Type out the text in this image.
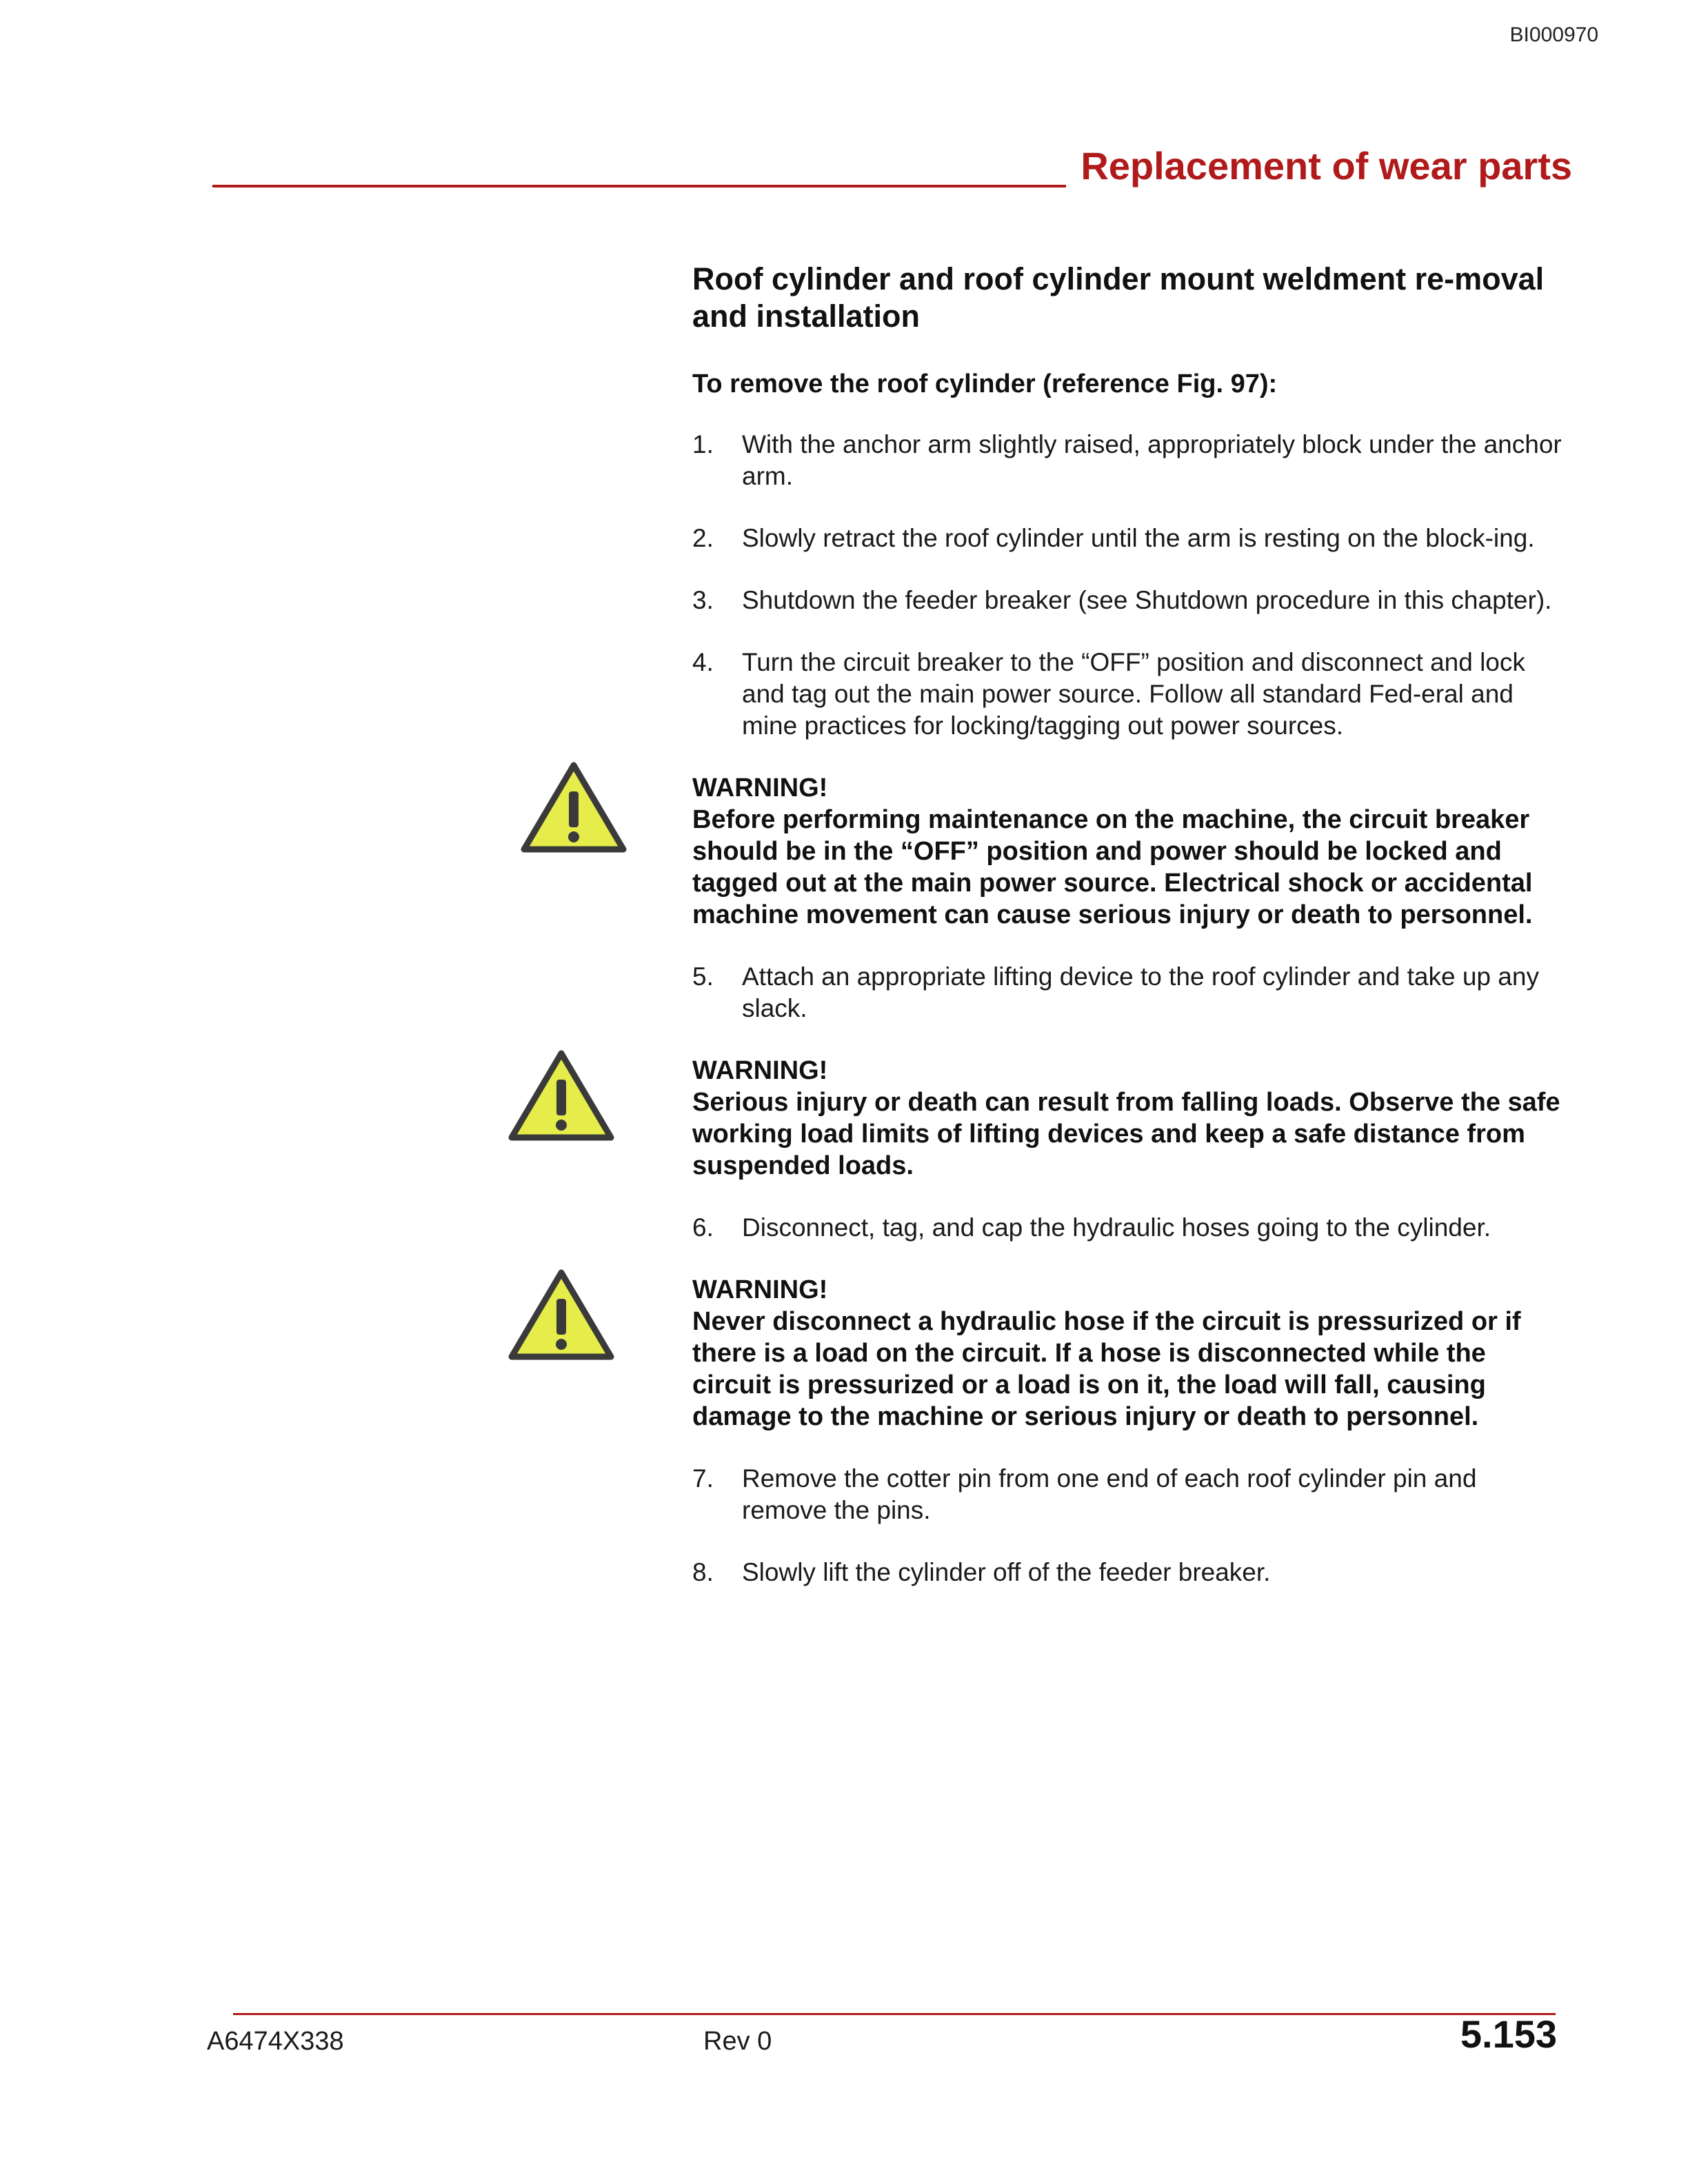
BI000970
Replacement of wear parts
Roof cylinder and roof cylinder mount weldment re-moval and installation
To remove the roof cylinder (reference Fig. 97):
1.	With the anchor arm slightly raised, appropriately block under the anchor arm.
2.	Slowly retract the roof cylinder until the arm is resting on the block-ing.
3.	Shutdown the feeder breaker (see Shutdown procedure in this chapter).
4.	Turn the circuit breaker to the “OFF” position and disconnect and lock and tag out the main power source. Follow all standard Fed-eral and mine practices for locking/tagging out power sources.
WARNING!
Before performing maintenance on the machine, the circuit breaker should be in the “OFF” position and power should be locked and tagged out at the main power source. Electrical shock or accidental machine movement can cause serious injury or death to personnel.
5.	Attach an appropriate lifting device to the roof cylinder and take up any slack.
WARNING!
Serious injury or death can result from falling loads. Observe the safe working load limits of lifting devices and keep a safe distance from suspended loads.
6.	Disconnect, tag, and cap the hydraulic hoses going to the cylinder.
WARNING!
Never disconnect a hydraulic hose if the circuit is pressurized or if there is a load on the circuit. If a hose is disconnected while the circuit is pressurized or a load is on it, the load will fall, causing damage to the machine or serious injury or death to personnel.
7.	Remove the cotter pin from one end of each roof cylinder pin and remove the pins.
8.	Slowly lift the cylinder off of the feeder breaker.
A6474X338	Rev 0	5.153
